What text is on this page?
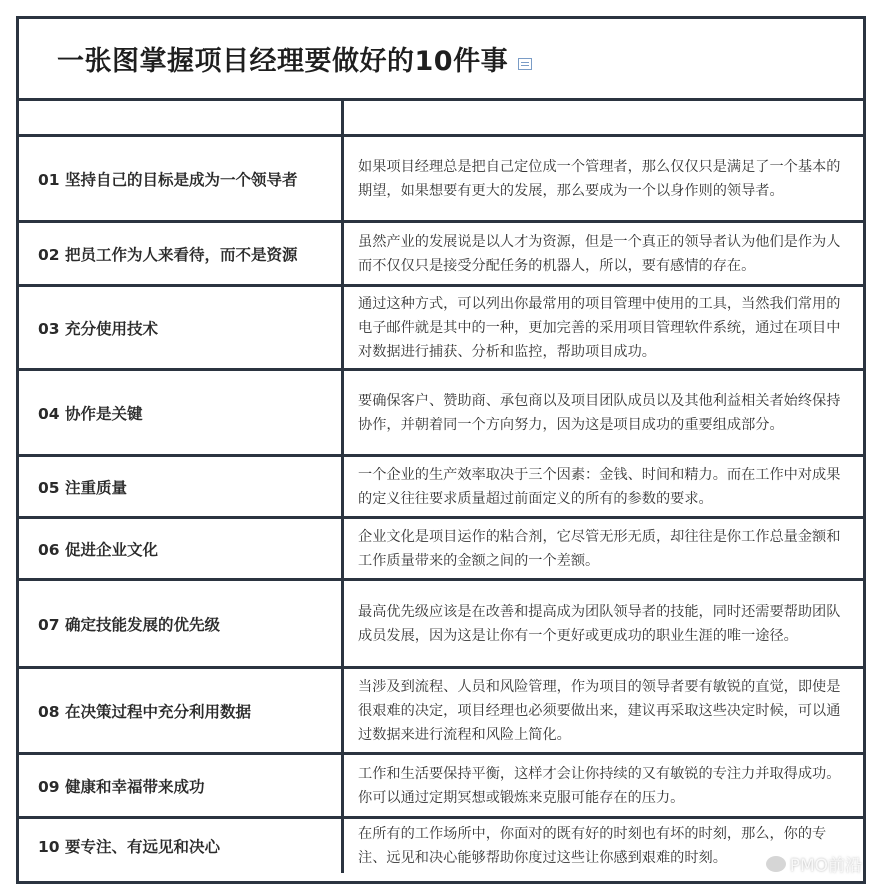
一张图掌握项目经理要做好的10件事
01 坚持自己的目标是成为一个领导者
如果项目经理总是把自己定位成一个管理者，那么仅仅只是满足了一个基本的期望，如果想要有更大的发展，那么要成为一个以身作则的领导者。
02 把员工作为人来看待，而不是资源
虽然产业的发展说是以人才为资源，但是一个真正的领导者认为他们是作为人而不仅仅只是接受分配任务的机器人，所以，要有感情的存在。
03 充分使用技术
通过这种方式，可以列出你最常用的项目管理中使用的工具，当然我们常用的电子邮件就是其中的一种，更加完善的采用项目管理软件系统，通过在项目中对数据进行捕获、分析和监控，帮助项目成功。
04 协作是关键
要确保客户、赞助商、承包商以及项目团队成员以及其他利益相关者始终保持协作，并朝着同一个方向努力，因为这是项目成功的重要组成部分。
05 注重质量
一个企业的生产效率取决于三个因素：金钱、时间和精力。而在工作中对成果的定义往往要求质量超过前面定义的所有的参数的要求。
06 促进企业文化
企业文化是项目运作的粘合剂，它尽管无形无质，却往往是你工作总量金额和工作质量带来的金额之间的一个差额。
07 确定技能发展的优先级
最高优先级应该是在改善和提高成为团队领导者的技能，同时还需要帮助团队成员发展，因为这是让你有一个更好或更成功的职业生涯的唯一途径。
08 在决策过程中充分利用数据
当涉及到流程、人员和风险管理，作为项目的领导者要有敏锐的直觉，即使是很艰难的决定，项目经理也必须要做出来，建议再采取这些决定时候，可以通过数据来进行流程和风险上简化。
09 健康和幸福带来成功
工作和生活要保持平衡，这样才会让你持续的又有敏锐的专注力并取得成功。你可以通过定期冥想或锻炼来克服可能存在的压力。
10 要专注、有远见和决心
在所有的工作场所中，你面对的既有好的时刻也有坏的时刻，那么，你的专注、远见和决心能够帮助你度过这些让你感到艰难的时刻。	PMO前沿
